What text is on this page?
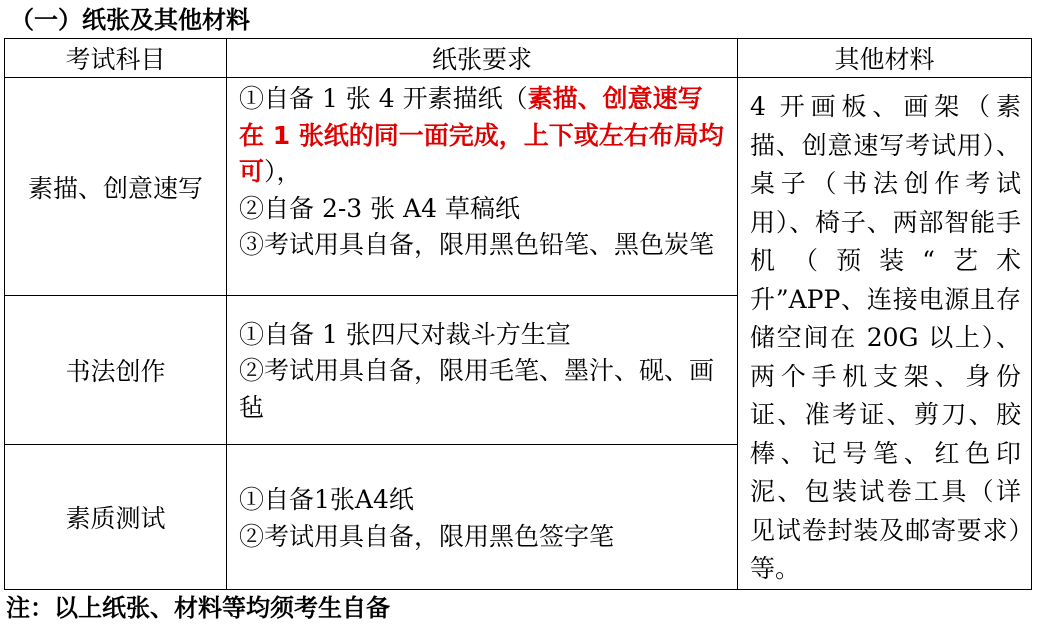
（一）纸张及其他材料
考试科目	纸张要求	其他材料
素描、创意速写	①自备 1 张 4 开素描纸（素描、创意速写在 1 张纸的同一面完成，上下或左右布局均可），
②自备 2-3 张 A4 草稿纸
③考试用具自备，限用黑色铅笔、黑色炭笔	4 开画板、画架（素描、创意速写考试用）、桌子（书法创作考试用）、椅子、两部智能手机（预装“艺术升”APP、连接电源且存储空间在 20G 以上）、两个手机支架、身份证、准考证、剪刀、胶棒、记号笔、红色印泥、包装试卷工具（详见试卷封装及邮寄要求）等。
书法创作	①自备 1 张四尺对裁斗方生宣
②考试用具自备，限用毛笔、墨汁、砚、画毡	

素质测试	①自备1张A4纸
②考试用具自备，限用黑色签字笔	
注：以上纸张、材料等均须考生自备
